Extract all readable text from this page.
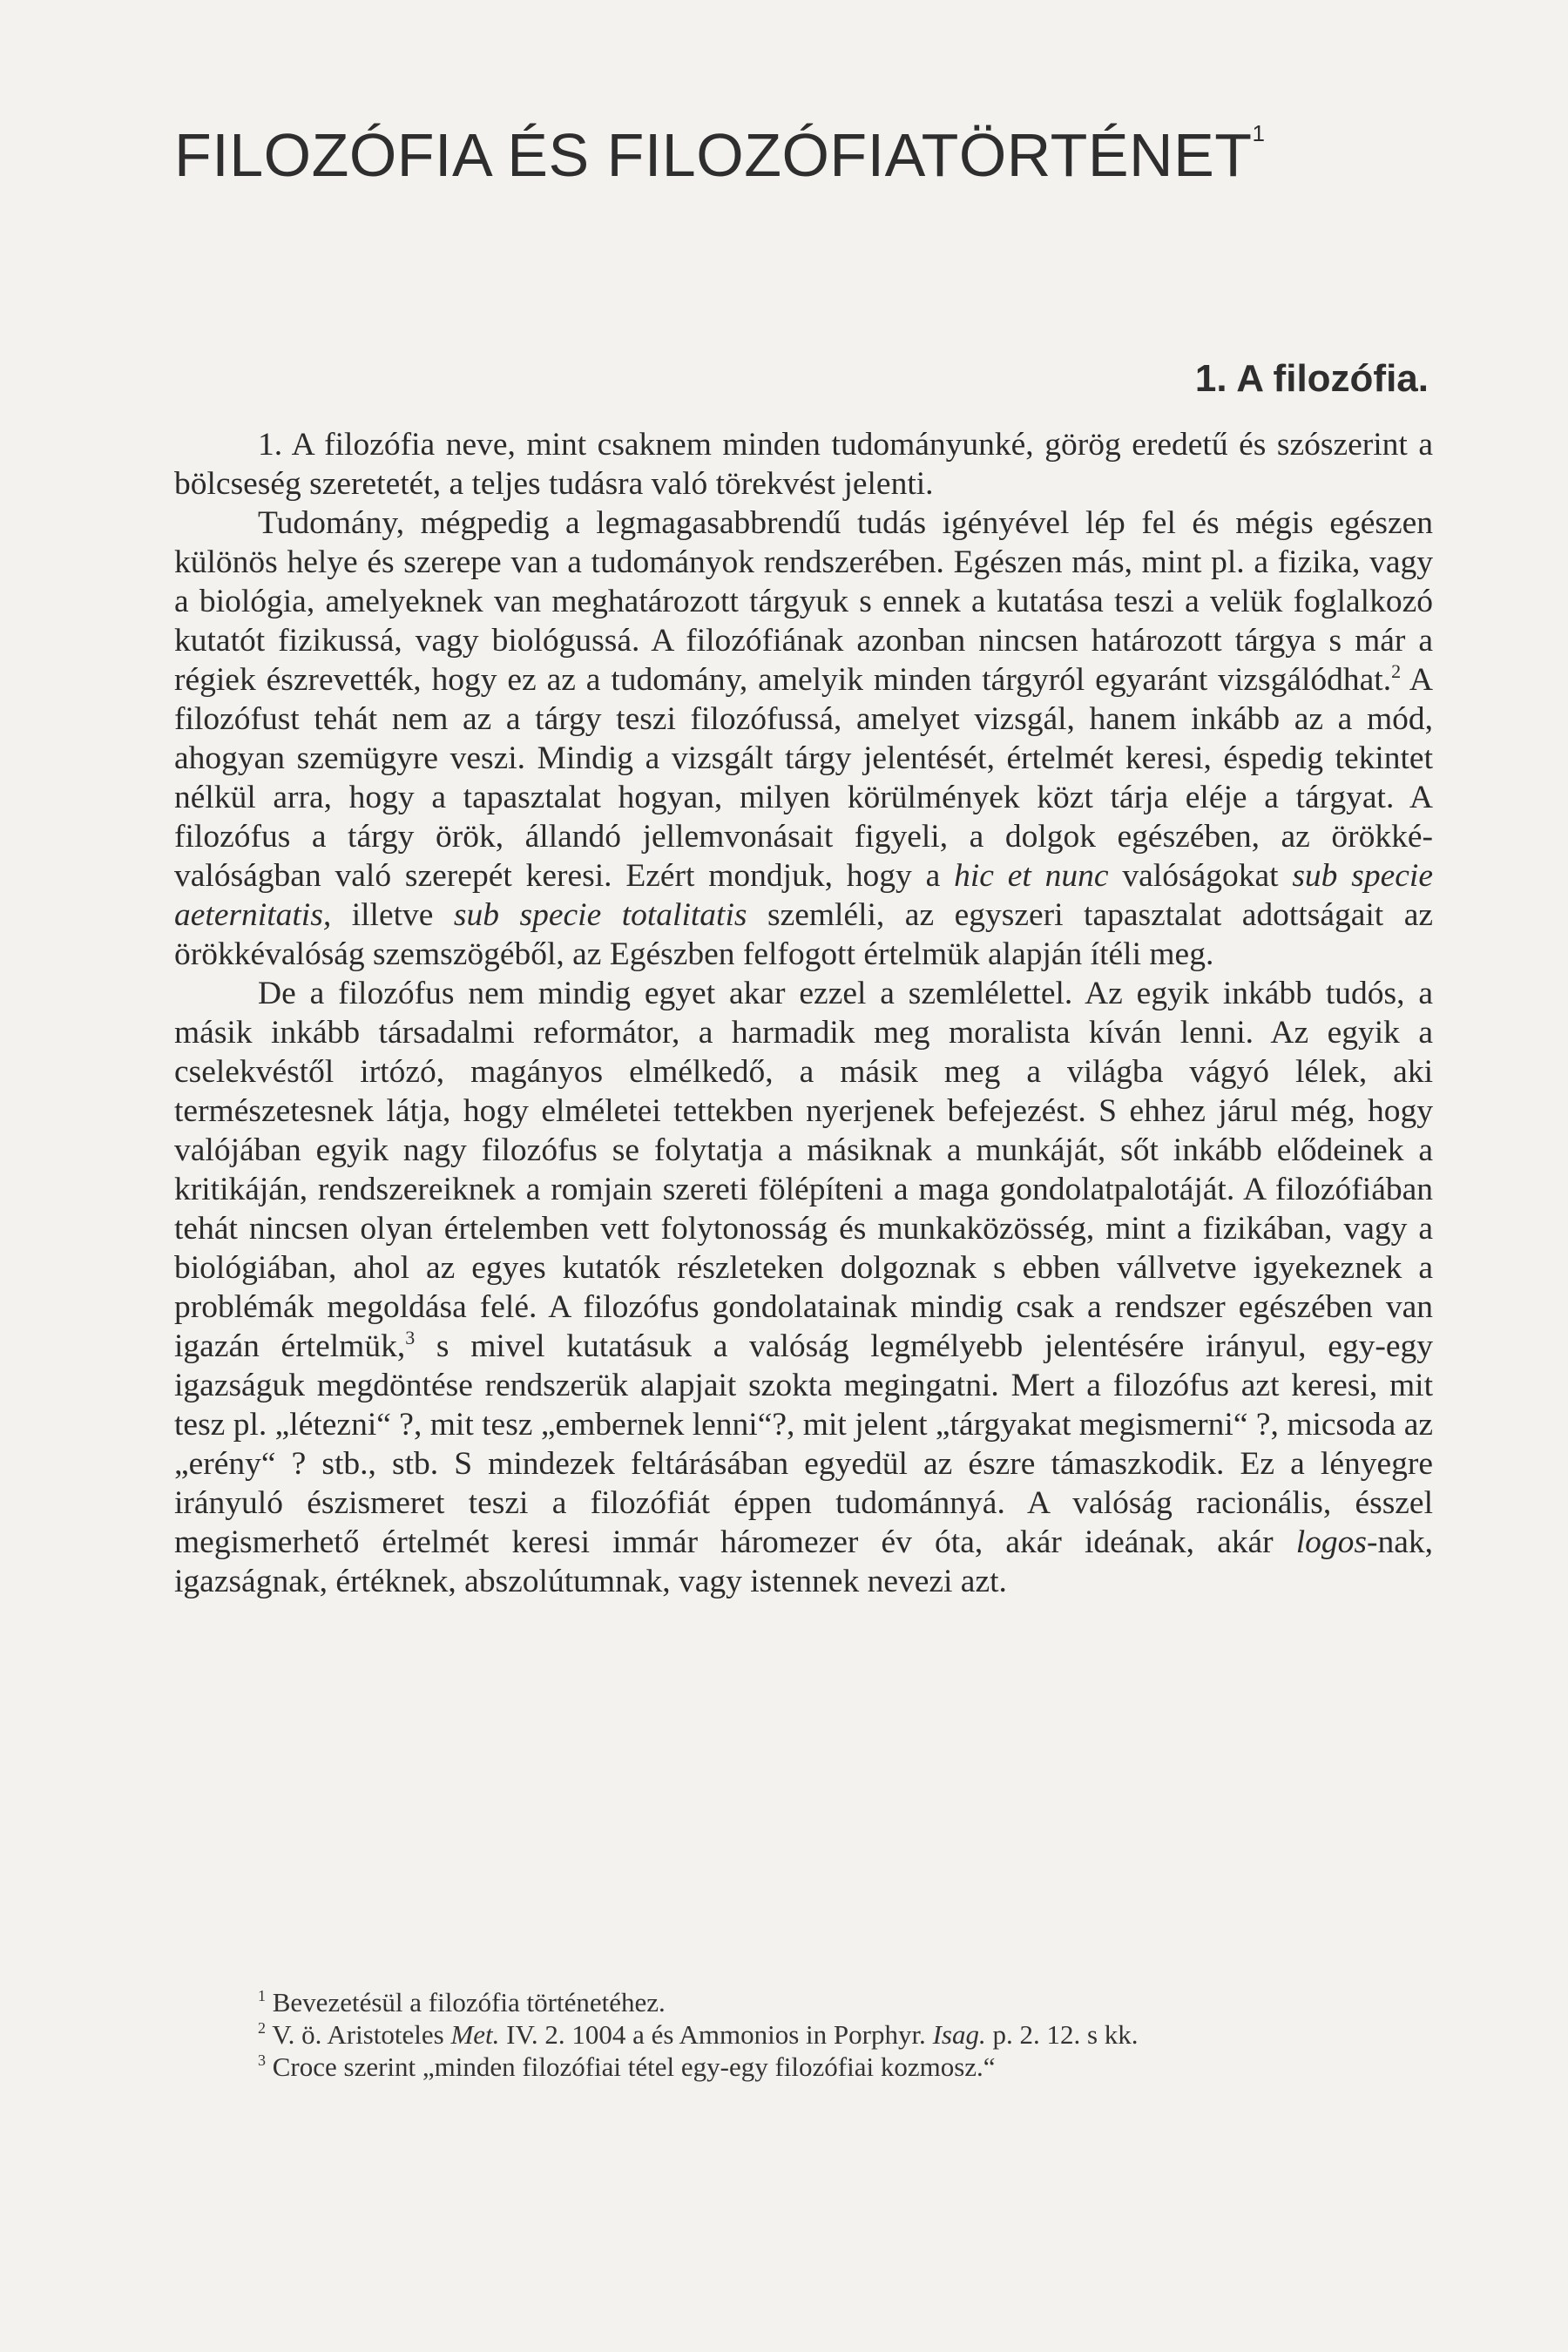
FILOZÓFIA ÉS FILOZÓFIATÖRTÉNET$^1$
1. A filozófia.

1. A filozófia neve, mint csaknem minden tudományunké, görög eredetű és szószerint a bölcseség szeretetét, a teljes tudásra való törekvést jelenti.

Tudomány, mégpedig a legmagasabbrendű tudás igényével lép fel és mégis egészen különös helye és szerepe van a tudományok rendszerében. Egészen más, mint pl. a fizika, vagy a biológia, amelyeknek van meghatározott tárgyuk s ennek a kutatása teszi a velük foglalkozó kutatót fizikussá, vagy biológussá. A filozófiának azonban nincsen határozott tárgya s már a régiek észrevették, hogy ez az a tudomány, amelyik minden tárgyról egyaránt vizsgálódhat.$^2$ A filozófust tehát nem az a tárgy teszi filozófussá, amelyet vizsgál, hanem inkább az a mód, ahogyan szemügyre veszi. Mindig a vizsgált tárgy jelentését, értelmét keresi, éspedig tekintet nélkül arra, hogy a tapasztalat hogyan, milyen körülmények közt tárja eléje a tárgyat. A filozófus a tárgy örök, állandó jellemvonásait figyeli, a dolgok egészében, az örökké-valóságban való szerepét keresi. Ezért mondjuk, hogy a hic et nunc valóságokat sub specie aeternitatis, illetve sub specie totalitatis szemléli, az egyszeri tapasztalat adottságait az örökkévalóság szemszögéből, az Egészben felfogott értelmük alapján ítéli meg.

De a filozófus nem mindig egyet akar ezzel a szemlélettel. Az egyik inkább tudós, a másik inkább társadalmi reformátor, a harmadik meg moralista kíván lenni. Az egyik a cselekvéstől irtózó, magányos elmélkedő, a másik meg a világba vágyó lélek, aki természetesnek látja, hogy elméletei tettekben nyerjenek befejezést. S ehhez járul még, hogy valójában egyik nagy filozófus se folytatja a másiknak a munkáját, sőt inkább elődeinek a kritikáján, rendszereiknek a romjain szereti fölépíteni a maga gondolatpalotáját. A filozófiában tehát nincsen olyan értelemben vett folytonosság és munkaközösség, mint a fizikában, vagy a biológiában, ahol az egyes kutatók részleteken dolgoznak s ebben vállvetve igyekeznek a problémák megoldása felé. A filozófus gondolatainak mindig csak a rendszer egészében van igazán értelmük,$^3$ s mivel kutatásuk a valóság legmélyebb jelentésére irányul, egy-egy igazságuk megdöntése rendszerük alapjait szokta megingatni. Mert a filozófus azt keresi, mit tesz pl. „létezni“ ?, mit tesz „embernek lenni“?, mit jelent „tárgyakat megismerni“ ?, micsoda az „erény“ ? stb., stb. S mindezek feltárásában egyedül az észre támaszkodik. Ez a lényegre irányuló észismeret teszi a filozófiát éppen tudománnyá. A valóság racionális, ésszel megismerhető értelmét keresi immár háromezer év óta, akár ideának, akár logos-nak, igazságnak, értéknek, abszolútumnak, vagy istennek nevezi azt.

$^1$ Bevezetésül a filozófia történetéhez.

$^2$ V. ö. Aristoteles Met. IV. 2. 1004 a és Ammonios in Porphyr. Isag. p. 2. 12. s kk.

$^3$ Croce szerint „minden filozófiai tétel egy-egy filozófiai kozmosz.“
